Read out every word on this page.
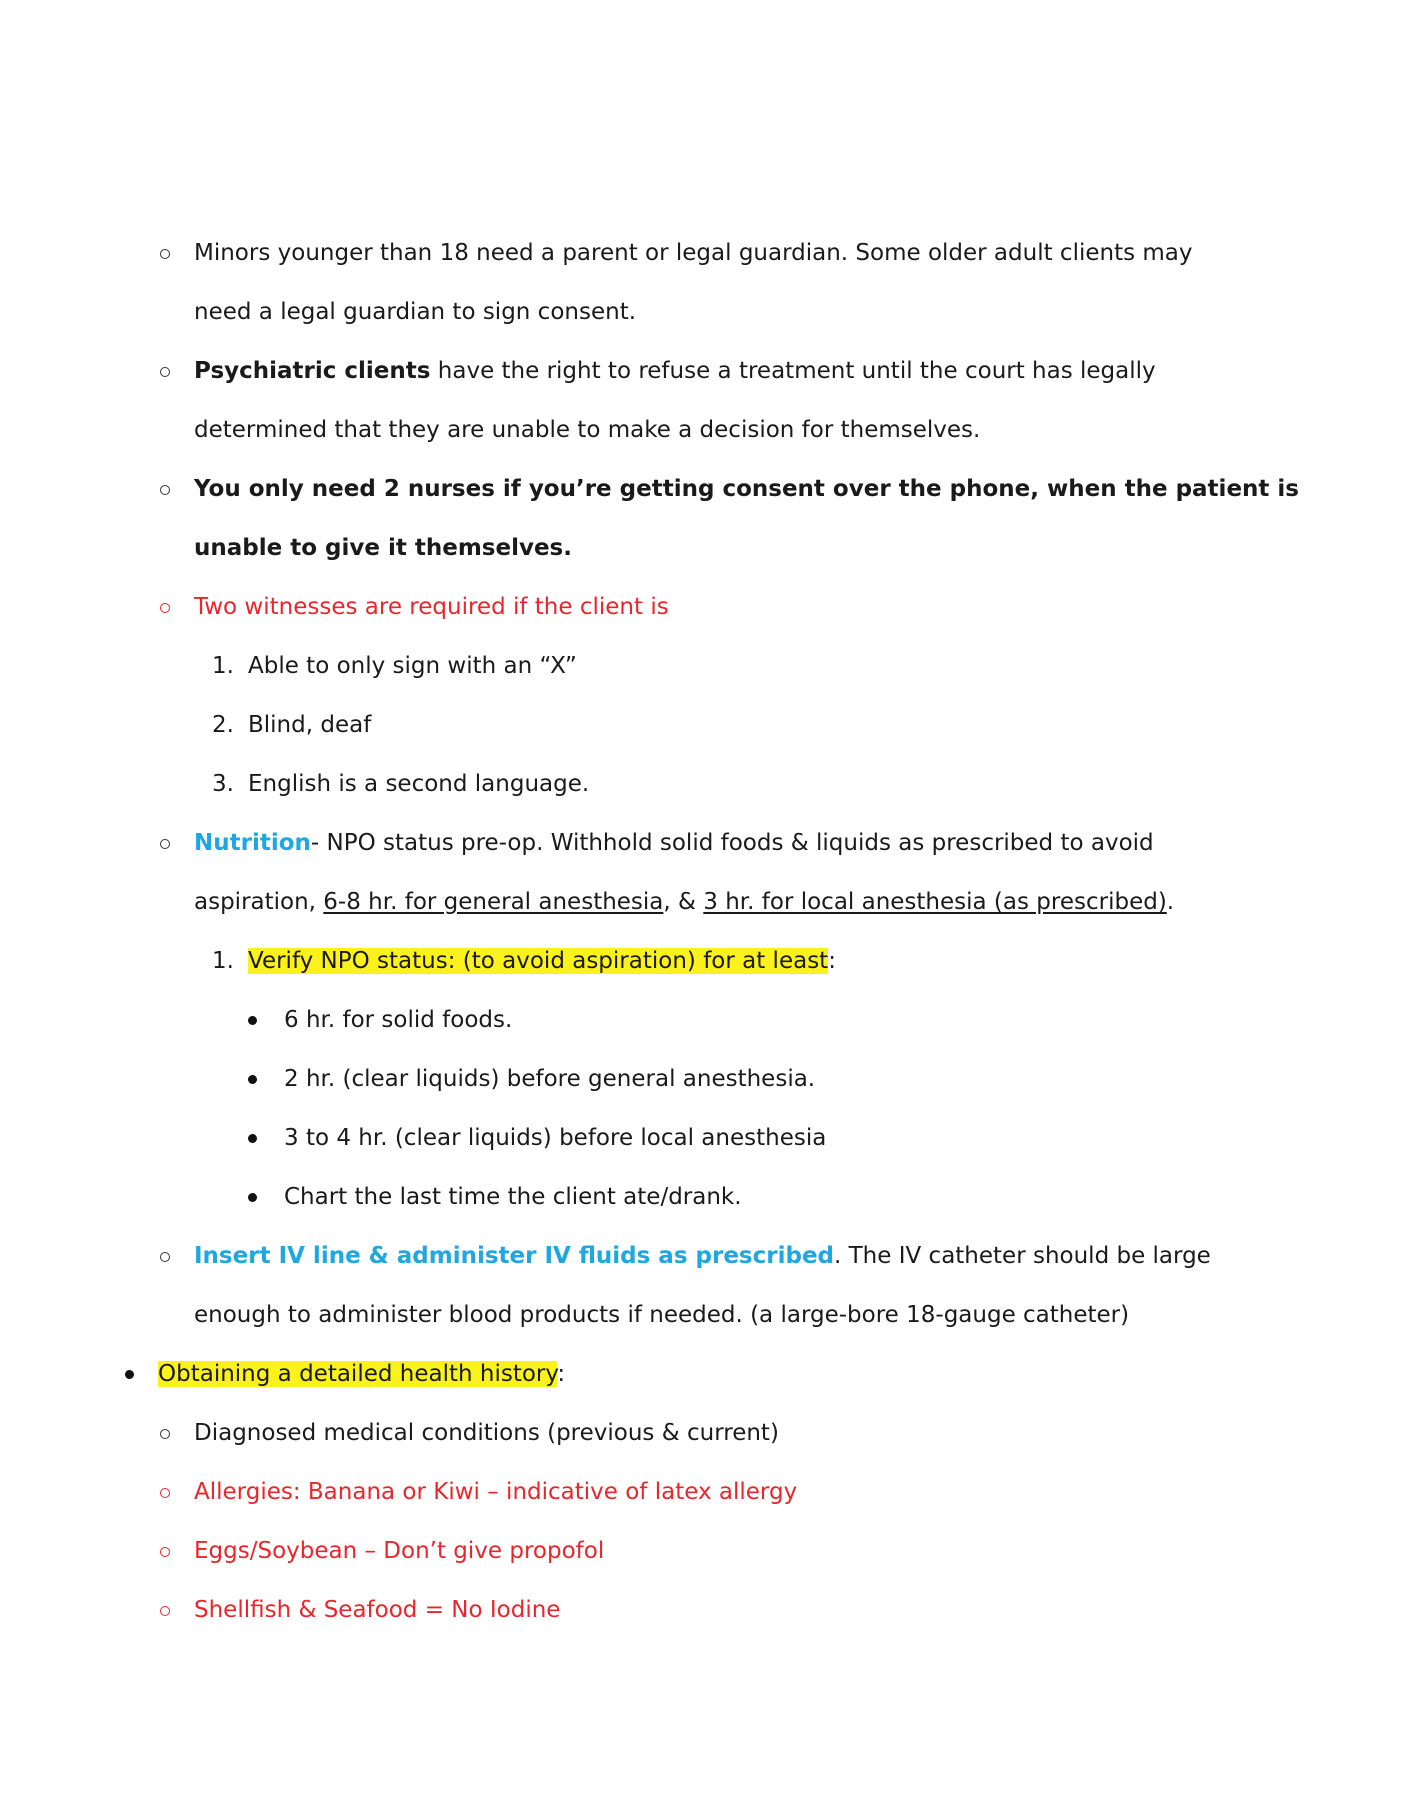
Minors younger than 18 need a parent or legal guardian. Some older adult clients may
need a legal guardian to sign consent.
Psychiatric clients have the right to refuse a treatment until the court has legally
determined that they are unable to make a decision for themselves.
You only need 2 nurses if you’re getting consent over the phone, when the patient is
unable to give it themselves.
Two witnesses are required if the client is
1. Able to only sign with an “X”
2. Blind, deaf
3. English is a second language.
Nutrition- NPO status pre-op. Withhold solid foods & liquids as prescribed to avoid
aspiration, 6-8 hr. for general anesthesia, & 3 hr. for local anesthesia (as prescribed).
1. Verify NPO status: (to avoid aspiration) for at least:
6 hr. for solid foods.
2 hr. (clear liquids) before general anesthesia.
3 to 4 hr. (clear liquids) before local anesthesia
Chart the last time the client ate/drank.
Insert IV line & administer IV fluids as prescribed. The IV catheter should be large
enough to administer blood products if needed. (a large-bore 18-gauge catheter)
Obtaining a detailed health history:
Diagnosed medical conditions (previous & current)
Allergies: Banana or Kiwi – indicative of latex allergy
Eggs/Soybean – Don’t give propofol
Shellfish & Seafood = No Iodine
